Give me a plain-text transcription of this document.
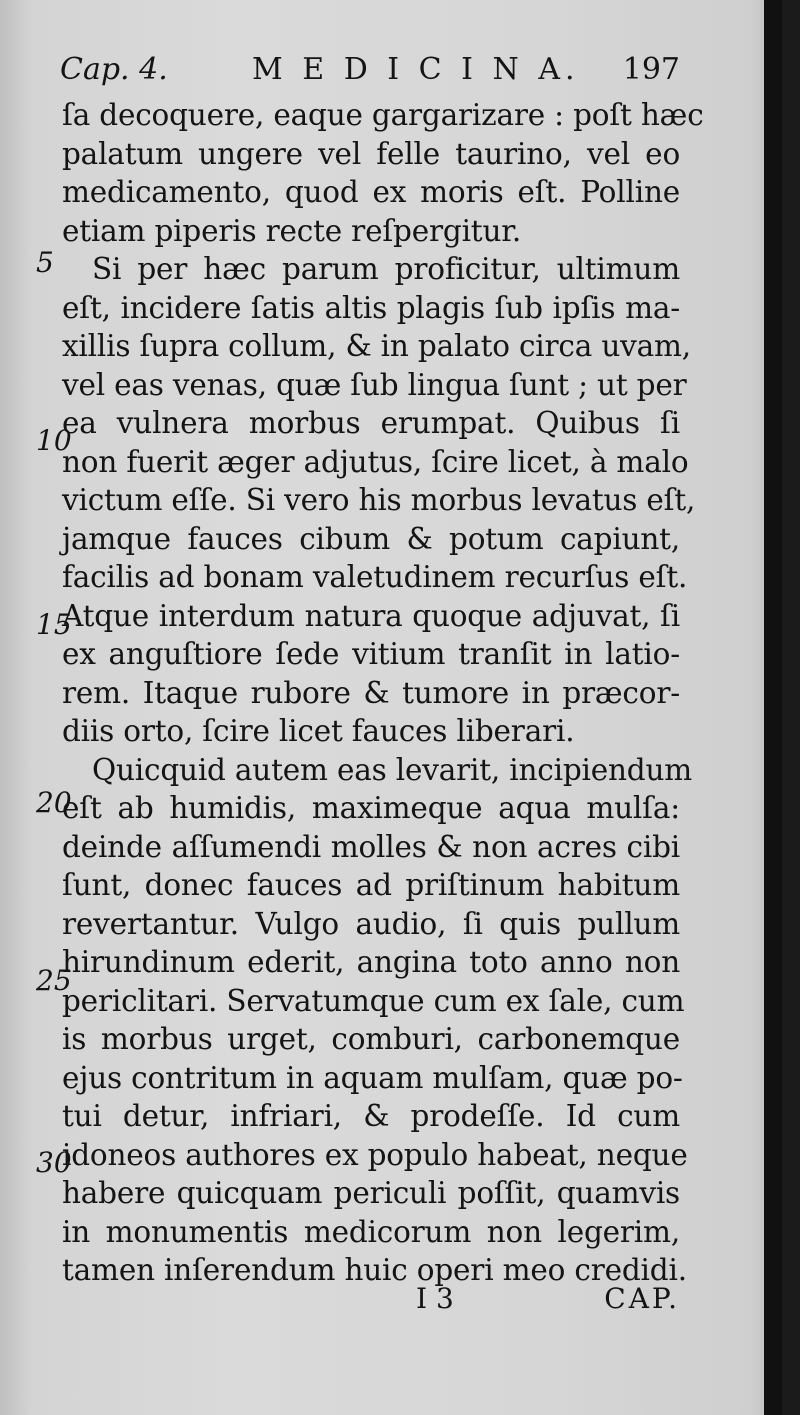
Cap. 4.	M E D I C I N A. 197
ſa decoquere, eaque gargarizare : poſt hæc
palatum ungere vel felle taurino, vel eo
medicamento, quod ex moris eſt. Polline
etiam piperis recte reſpergitur.
Si per hæc parum proficitur, ultimum
eſt, incidere ſatis altis plagis ſub ipſis ma-
xillis ſupra collum, & in palato circa uvam,
vel eas venas, quæ ſub lingua ſunt ; ut per
ea vulnera morbus erumpat. Quibus ſi
non fuerit æger adjutus, ſcire licet, à malo
victum eſſe. Si vero his morbus levatus eſt,
jamque fauces cibum & potum capiunt,
facilis ad bonam valetudinem recurſus eſt.
Atque interdum natura quoque adjuvat, ſi
ex anguſtiore ſede vitium tranſit in latio-
rem. Itaque rubore & tumore in præcor-
diis orto, ſcire licet fauces liberari.
Quicquid autem eas levarit, incipiendum
eſt ab humidis, maximeque aqua mulſa:
deinde aſſumendi molles & non acres cibi
ſunt, donec fauces ad priſtinum habitum
revertantur. Vulgo audio, ſi quis pullum
hirundinum ederit, angina toto anno non
periclitari. Servatumque cum ex ſale, cum
is morbus urget, comburi, carbonemque
ejus contritum in aquam mulſam, quæ po-
tui detur, infriari, & prodeſſe. Id cum
idoneos authores ex populo habeat, neque
habere quicquam periculi poſſit, quamvis
in monumentis medicorum non legerim,
tamen inſerendum huic operi meo credidi.
5
10
15
20
25
30
I 3	CAP.
